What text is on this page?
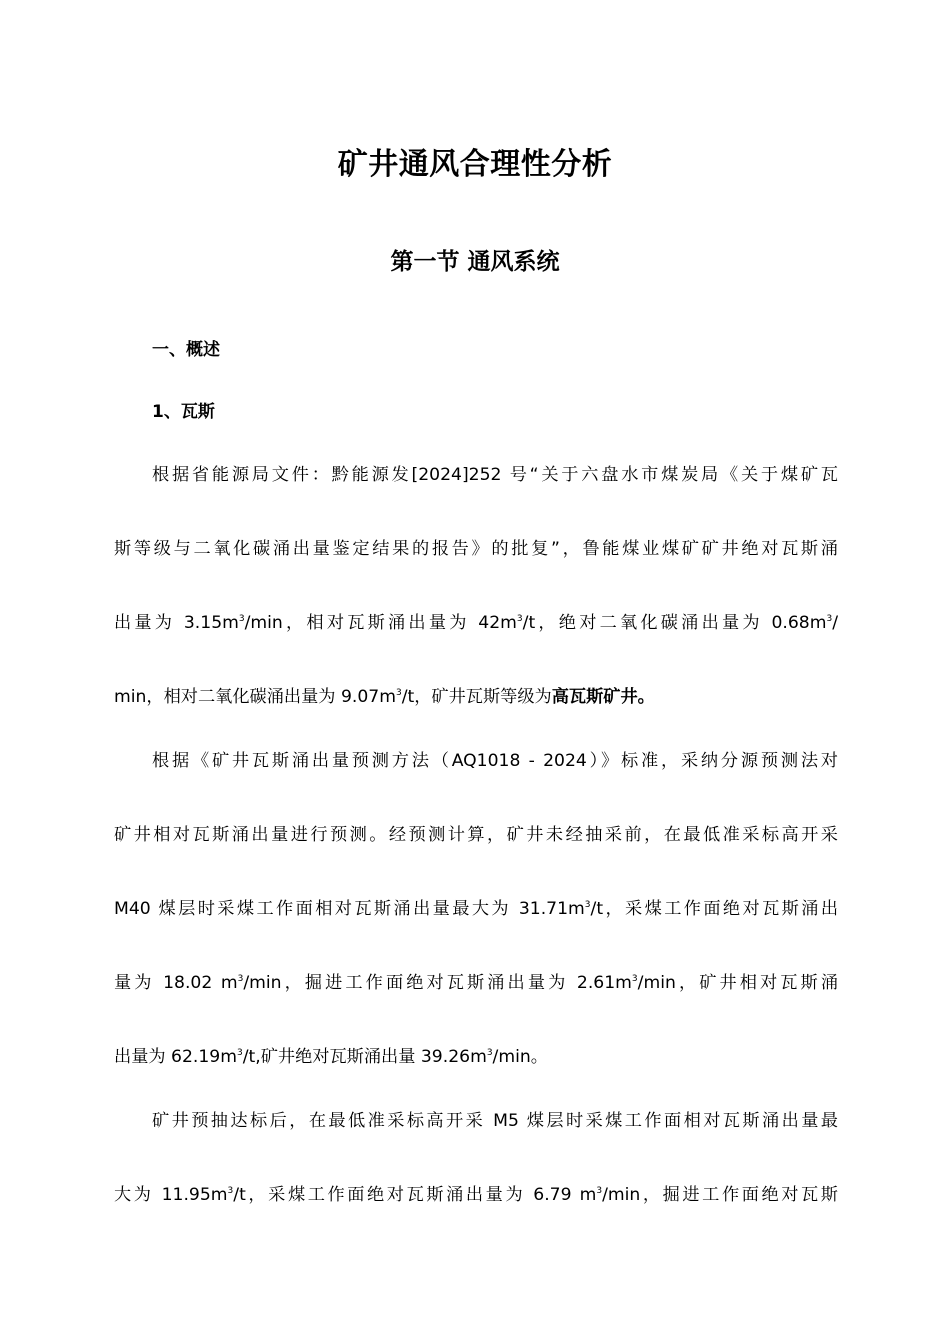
矿井通风合理性分析
第一节 通风系统
一、概述
1、瓦斯
根据省能源局文件：黔能源发[2024]252 号“关于六盘水市煤炭局《关于煤矿瓦
斯等级与二氧化碳涌出量鉴定结果的报告》的批复”，鲁能煤业煤矿矿井绝对瓦斯涌
出量为 $3.15m^3/\min$，相对瓦斯涌出量为 $42m^3/t$，绝对二氧化碳涌出量为 $0.68m^3/$
min，相对二氧化碳涌出量为 $9.07m^3/t$，矿井瓦斯等级为高瓦斯矿井。
根据《矿井瓦斯涌出量预测方法（AQ1018 - 2024）》标准，采纳分源预测法对
矿井相对瓦斯涌出量进行预测。经预测计算，矿井未经抽采前，在最低准采标高开采
M40 煤层时采煤工作面相对瓦斯涌出量最大为 $31.71m^3/t$，采煤工作面绝对瓦斯涌出
量为 18.02 $m^3/\min$，掘进工作面绝对瓦斯涌出量为 $2.61m^3/\min$，矿井相对瓦斯涌
出量为 $62.19m^3/t$,矿井绝对瓦斯涌出量 $39.26m^3/\min$。
矿井预抽达标后，在最低准采标高开采 M5 煤层时采煤工作面相对瓦斯涌出量最
大为 $11.95m^3/t$，采煤工作面绝对瓦斯涌出量为 6.79 $m^3/\min$，掘进工作面绝对瓦斯
